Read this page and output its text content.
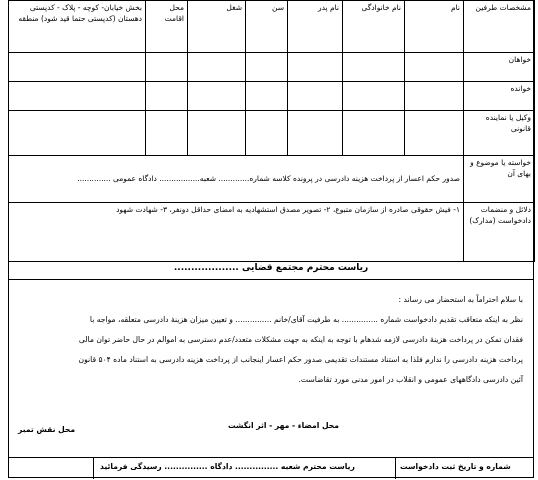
مشخصات طرفین	نام	نام خانوادگی	نام پدر	سن	شغل	محل اقامت	بخش خیابان- کوچه - پلاک - کدپستی دهستان (کدپستی حتما قید شود) منطقه
خواهان							
خوانده							
وکیل یا نماینده قانونی							
خواسته یا موضوع و بهای آن	صدور حکم اعسار از پرداخت هزینه دادرسی در پرونده کلاسه شماره............. شعبه................. دادگاه عمومی ..............						
دلائل و منضمات دادخواست (مدارک)	۱- فیش حقوقی صادره از سازمان متبوع، ۲- تصویر مصدق استشهادیه به امضای حداقل دونفر، ۳- شهادت شهود						
ریاست محترم مجتمع قضایی ...................
با سلام احتراماً به استحضار می رساند :
نظر به اینکه متعاقب تقدیم دادخواست شماره ............... به طرفیت آقای/خانم ............... و تعیین میزان هزینهٔ دادرسی متعلقه، مواجه با
فقدان تمکن در پرداخت هزینهٔ دادرسی لازمه شدهام با توجه به اینکه به جهت مشکلات متعدد/عدم دسترسی به اموالم در حال حاضر توان مالی
پرداخت هزینه دادرسی را ندارم فلذا به استناد مستندات تقدیمی صدور حکم اعسار اینجانب از پرداخت هزینه دادرسی به استناد ماده ۵۰۴ قانون
آئین دادرسی دادگاههای عمومی و انقلاب در امور مدنی مورد تقاضاست.
محل امضاء - مهر - اثر انگشت
محل نقش تمبر
شماره و تاریخ ثبت دادخواست
ریاست محترم شعبه ............... دادگاه ............... رسیدگی فرمائید
